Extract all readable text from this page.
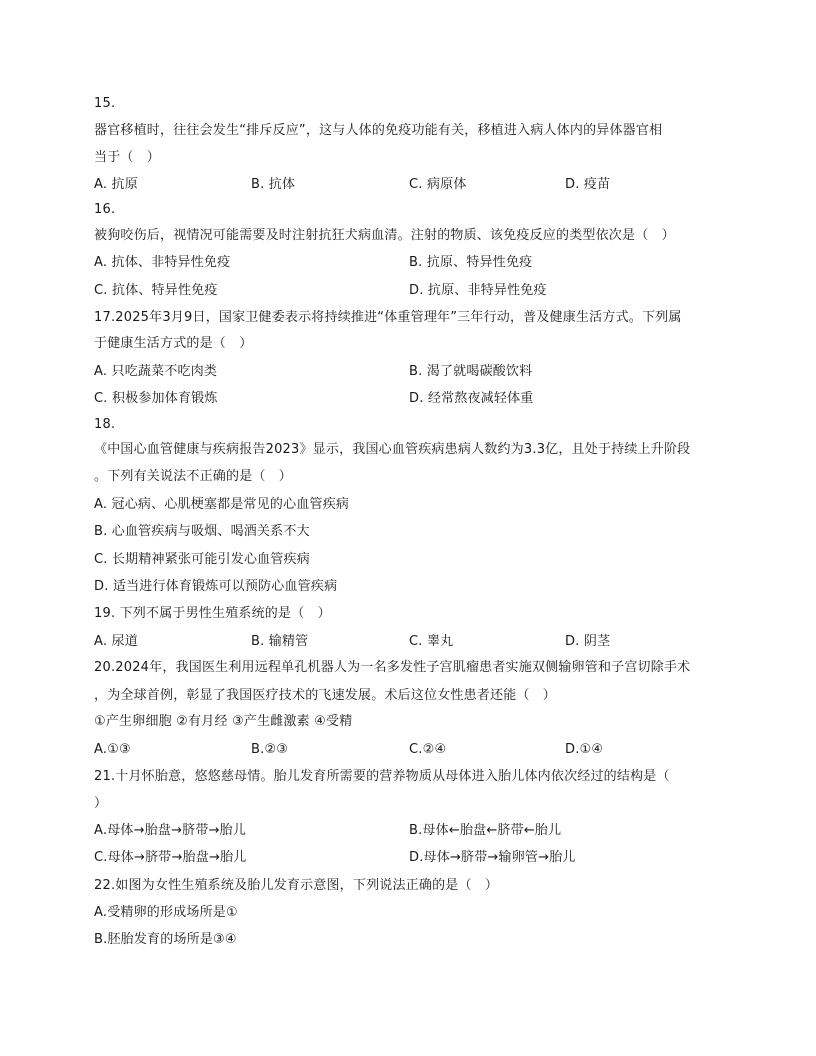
15.
器官移植时，往往会发生“排斥反应”，这与人体的免疫功能有关，移植进入病人体内的异体器官相
当于（　）
A. 抗原	B. 抗体	C. 病原体	D. 疫苗
16.
被狗咬伤后，视情况可能需要及时注射抗狂犬病血清。注射的物质、该免疫反应的类型依次是（　）
A. 抗体、非特异性免疫	B. 抗原、特异性免疫
C. 抗体、特异性免疫	D. 抗原、非特异性免疫
17.2025年3月9日，国家卫健委表示将持续推进“体重管理年”三年行动，普及健康生活方式。下列属
于健康生活方式的是（　）
A. 只吃蔬菜不吃肉类	B. 渴了就喝碳酸饮料
C. 积极参加体育锻炼	D. 经常熬夜减轻体重
18.
《中国心血管健康与疾病报告2023》显示，我国心血管疾病患病人数约为3.3亿，且处于持续上升阶段
。下列有关说法不正确的是（　）
A. 冠心病、心肌梗塞都是常见的心血管疾病
B. 心血管疾病与吸烟、喝酒关系不大
C. 长期精神紧张可能引发心血管疾病
D. 适当进行体育锻炼可以预防心血管疾病
19. 下列不属于男性生殖系统的是（　）
A. 尿道	B. 输精管	C. 睾丸	D. 阴茎
20.2024年，我国医生利用远程单孔机器人为一名多发性子宫肌瘤患者实施双侧输卵管和子宫切除手术
，为全球首例，彰显了我国医疗技术的飞速发展。术后这位女性患者还能（　）
①产生卵细胞 ②有月经 ③产生雌激素 ④受精
A.①③	B.②③	C.②④	D.①④
21.十月怀胎意，悠悠慈母情。胎儿发育所需要的营养物质从母体进入胎儿体内依次经过的结构是（
）
A.母体→胎盘→脐带→胎儿	B.母体←胎盘←脐带←胎儿
C.母体→脐带→胎盘→胎儿	D.母体→脐带→输卵管→胎儿
22.如图为女性生殖系统及胎儿发育示意图，下列说法正确的是（　）
A.受精卵的形成场所是①
B.胚胎发育的场所是③④
